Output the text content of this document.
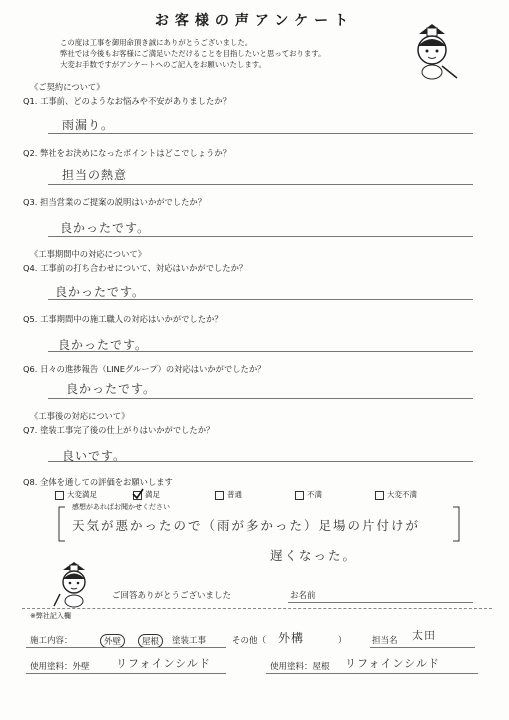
お客様の声アンケート
この度は工事を御用命頂き誠にありがとうございました。
弊社では今後もお客様にご満足いただけることを目指したいと思っております。
大変お手数ですがアンケートへのご記入をお願いいたします。
《ご契約について》
Q1. 工事前、どのようなお悩みや不安がありましたか？
雨漏り。
Q2. 弊社をお決めになったポイントはどこでしょうか？
担当の熱意
Q3. 担当営業のご提案の説明はいかがでしたか？
良かったです。
《工事期間中の対応について》
Q4. 工事前の打ち合わせについて、対応はいかがでしたか？
良かったです。
Q5. 工事期間中の施工職人の対応はいかがでしたか？
良かったです。
Q6. 日々の進捗報告（LINEグループ）の対応はいかがでしたか？
良かったです。
《工事後の対応について》
Q7. 塗装工事完了後の仕上がりはいかがでしたか？
良いです。
Q8. 全体を通しての評価をお願いします
大変満足	満足	普通	不満	大変不満
感想があればお聞かせください
天気が悪かったので（雨が多かった）足場の片付けが
遅くなった。
ご回答ありがとうございました	お名前
※弊社記入欄
施工内容：	外壁	屋根	塗装工事	その他（ 外構	）	担当名 太田
使用塗料：外壁 リフォインシルド	使用塗料：屋根 リフォインシルド
